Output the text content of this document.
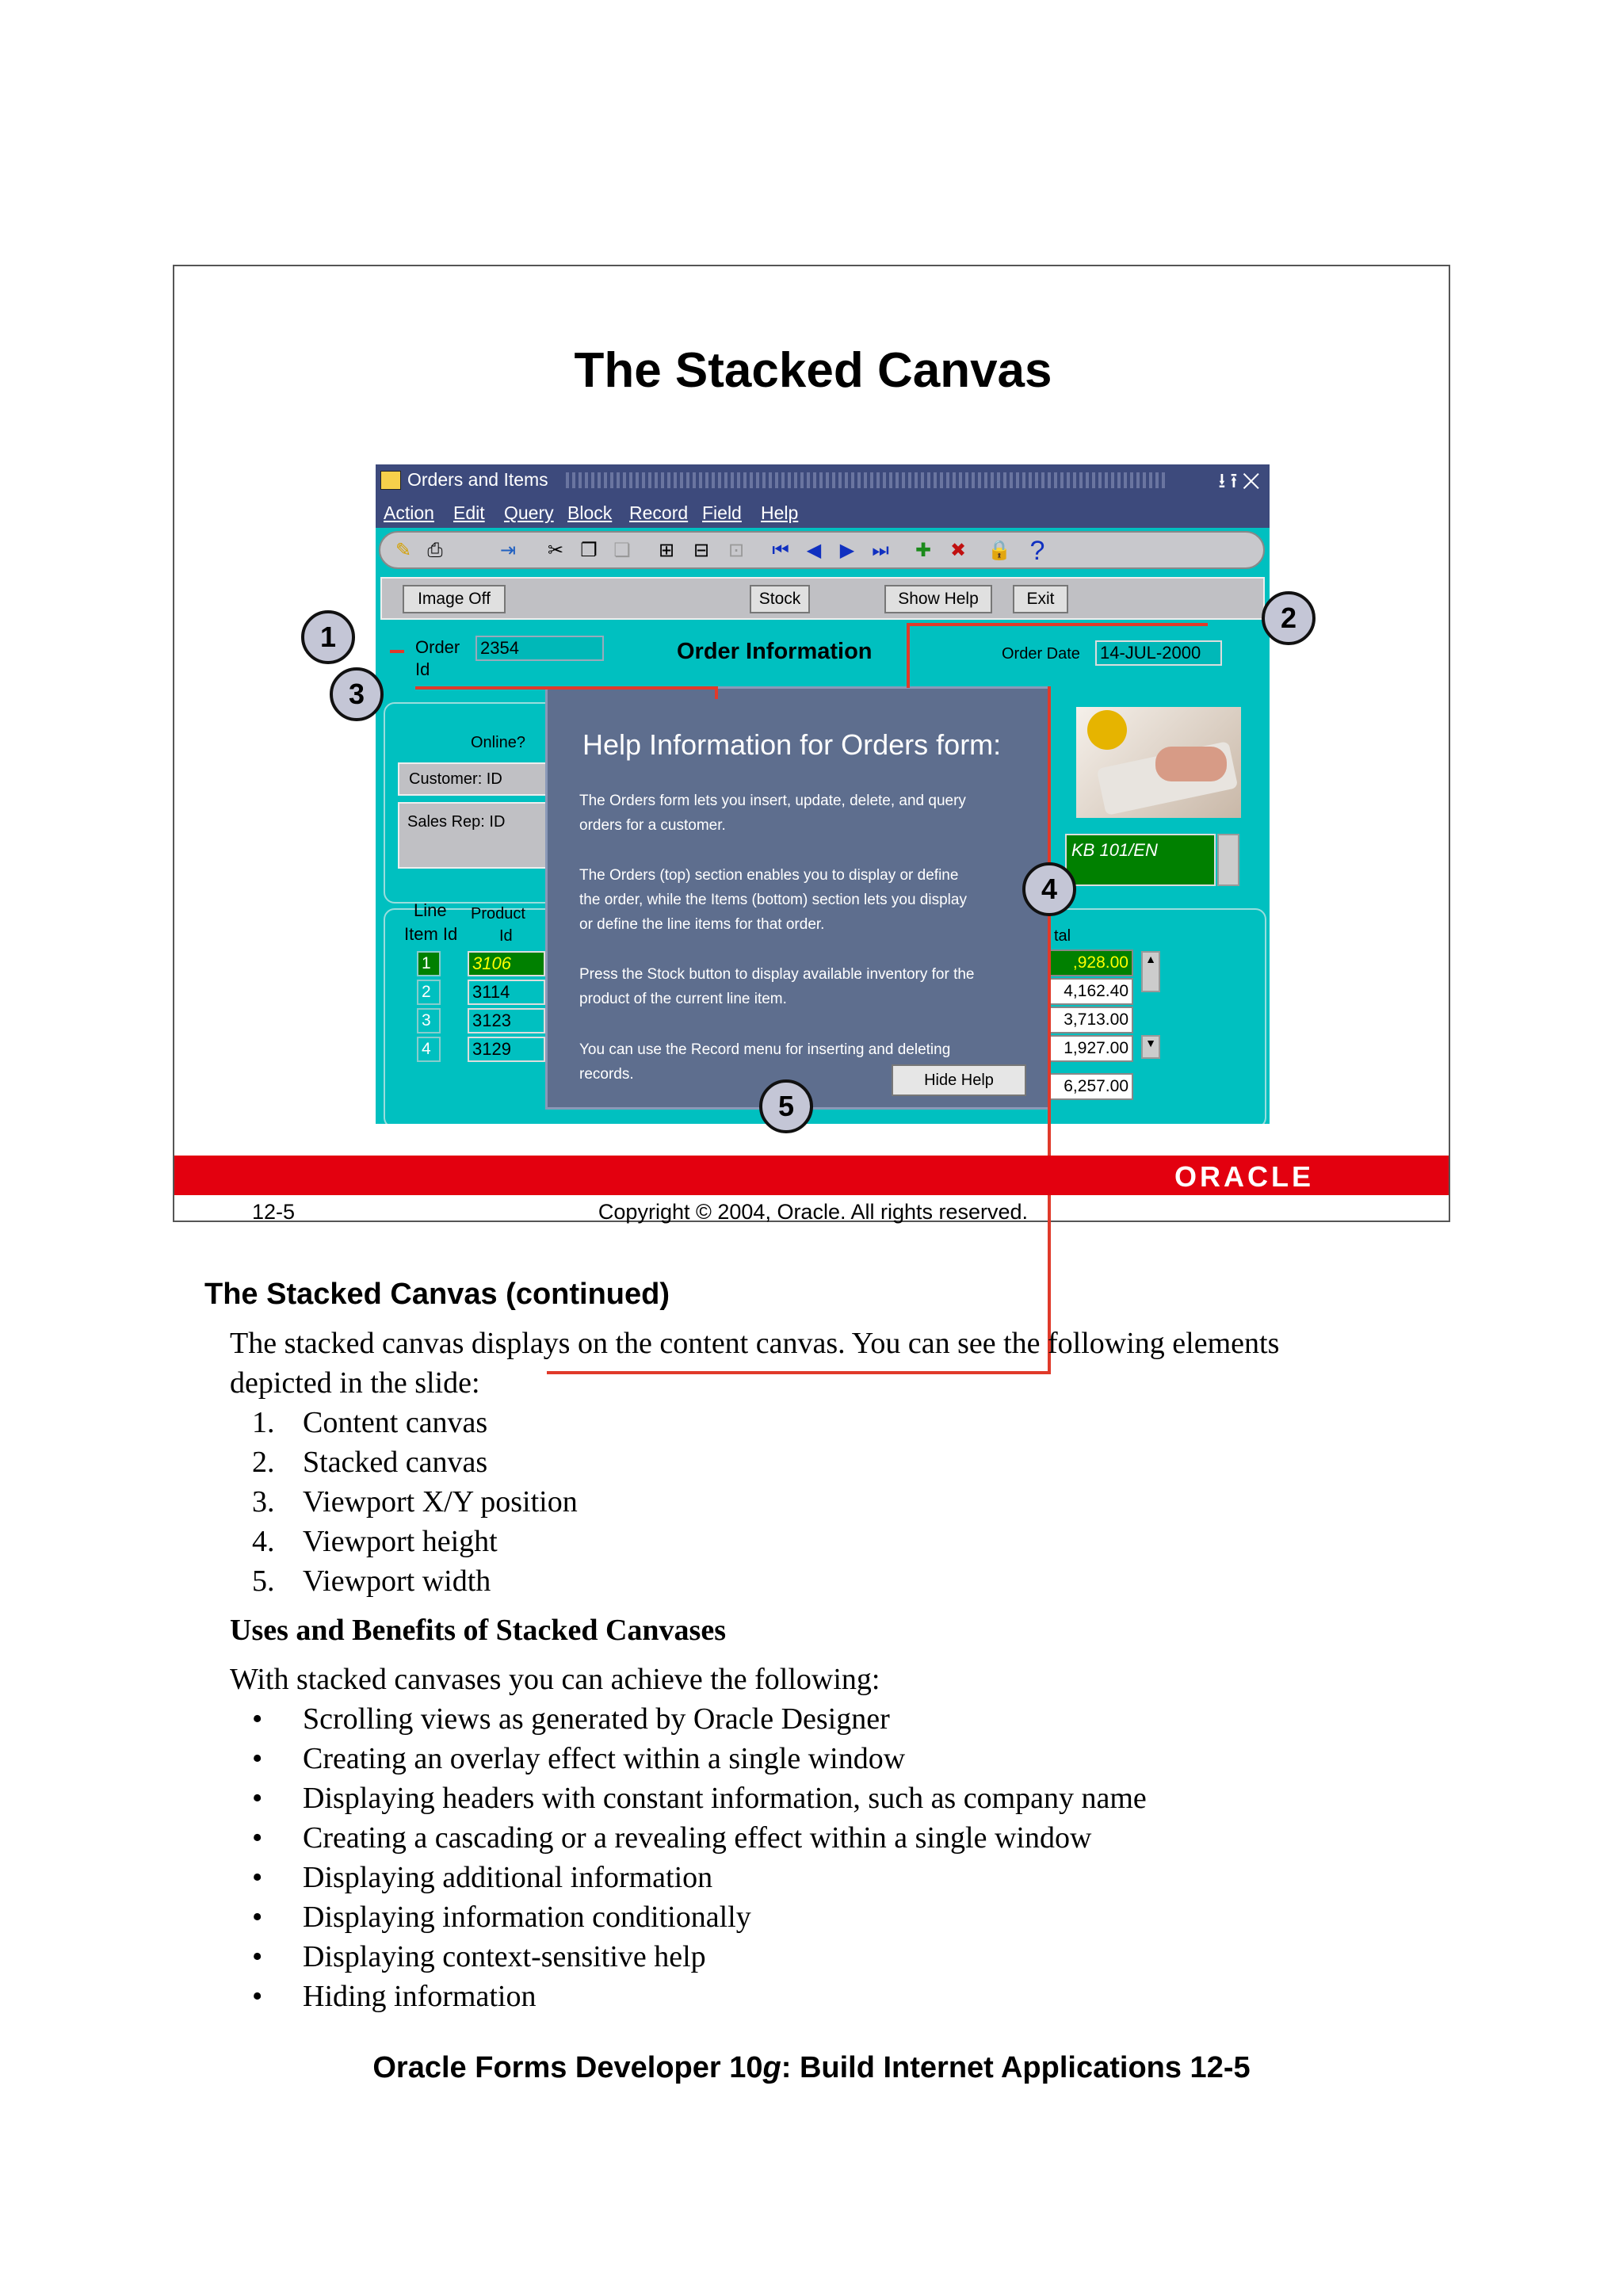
The Stacked Canvas
Orders and Items	⭳⭱✕
Action Edit Query Block Record Field Help
✎ ⎙	⇥ ✂ ❐ ❏ ⊞ ⊟ ⊡ ⏮ ◀ ▶ ⏭ ✚ ✖ 🔒 ?
Image Off	Stock	Show Help	Exit
Order
Id
2354	Order Information	Order Date 14-JUL-2000
Online?
Customer: ID
Sales Rep: ID
KB 101/EN
Line
Item Id
Product
Id	tal
1	3106	,928.00
2	3114	4,162.40
3	3123	3,713.00
4	3129	1,927.00
▲
▼
6,257.00
Help Information for Orders form:
The Orders form lets you insert, update, delete, and query
orders for a customer.
The Orders (top) section enables you to display or define
the order, while the Items (bottom) section lets you display
or define the line items for that order.
Press the Stock button to display available inventory for the
product of the current line item.
You can use the Record menu for inserting and deleting
records.	Hide Help
1
2
3
4
5
ORACLE
12-5	Copyright © 2004, Oracle. All rights reserved.
The Stacked Canvas (continued)
The stacked canvas displays on the content canvas. You can see the following elements
depicted in the slide:
1. Content canvas
2. Stacked canvas
3. Viewport X/Y position
4. Viewport height
5. Viewport width
Uses and Benefits of Stacked Canvases
With stacked canvases you can achieve the following:
• Scrolling views as generated by Oracle Designer
• Creating an overlay effect within a single window
• Displaying headers with constant information, such as company name
• Creating a cascading or a revealing effect within a single window
• Displaying additional information
• Displaying information conditionally
• Displaying context-sensitive help
• Hiding information
Oracle Forms Developer 10g: Build Internet Applications 12-5
